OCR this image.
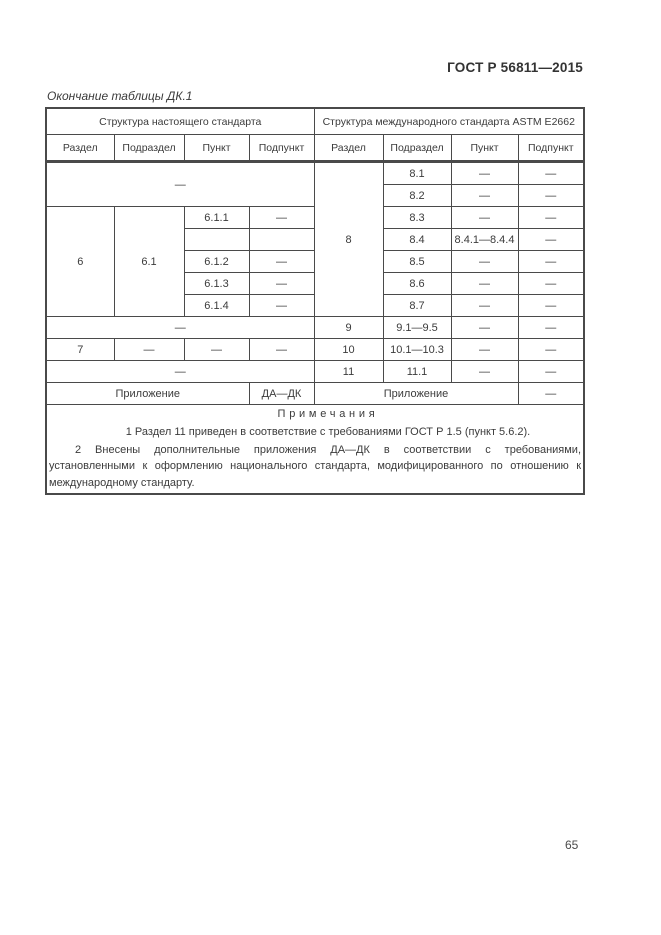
ГОСТ Р 56811—2015
Окончание таблицы ДК.1
Структура настоящего стандарта				Структура международного стандарта ASTM E2662			
Раздел	Подраздел	Пункт	Подпункт	Раздел	Подраздел	Пункт	Подпункт
—				8	8.1	—	—
					8.2	—	—
6	6.1	6.1.1	—		8.3	—	—
					8.4	8.4.1—8.4.4	—
		6.1.2	—		8.5	—	—
		6.1.3	—		8.6	—	—
		6.1.4	—		8.7	—	—
—				9	9.1—9.5	—	—
7	—	—	—	10	10.1—10.3	—	—
—				11	11.1	—	—
Приложение			ДА—ДК	Приложение			—

Примечания

1 Раздел 11 приведен в соответствие с требованиями ГОСТ Р 1.5 (пункт 5.6.2).

2 Внесены дополнительные приложения ДА—ДК в соответствии с требованиями, установленными к оформлению национального стандарта, модифицированного по отношению к международному стандарту.							

65
